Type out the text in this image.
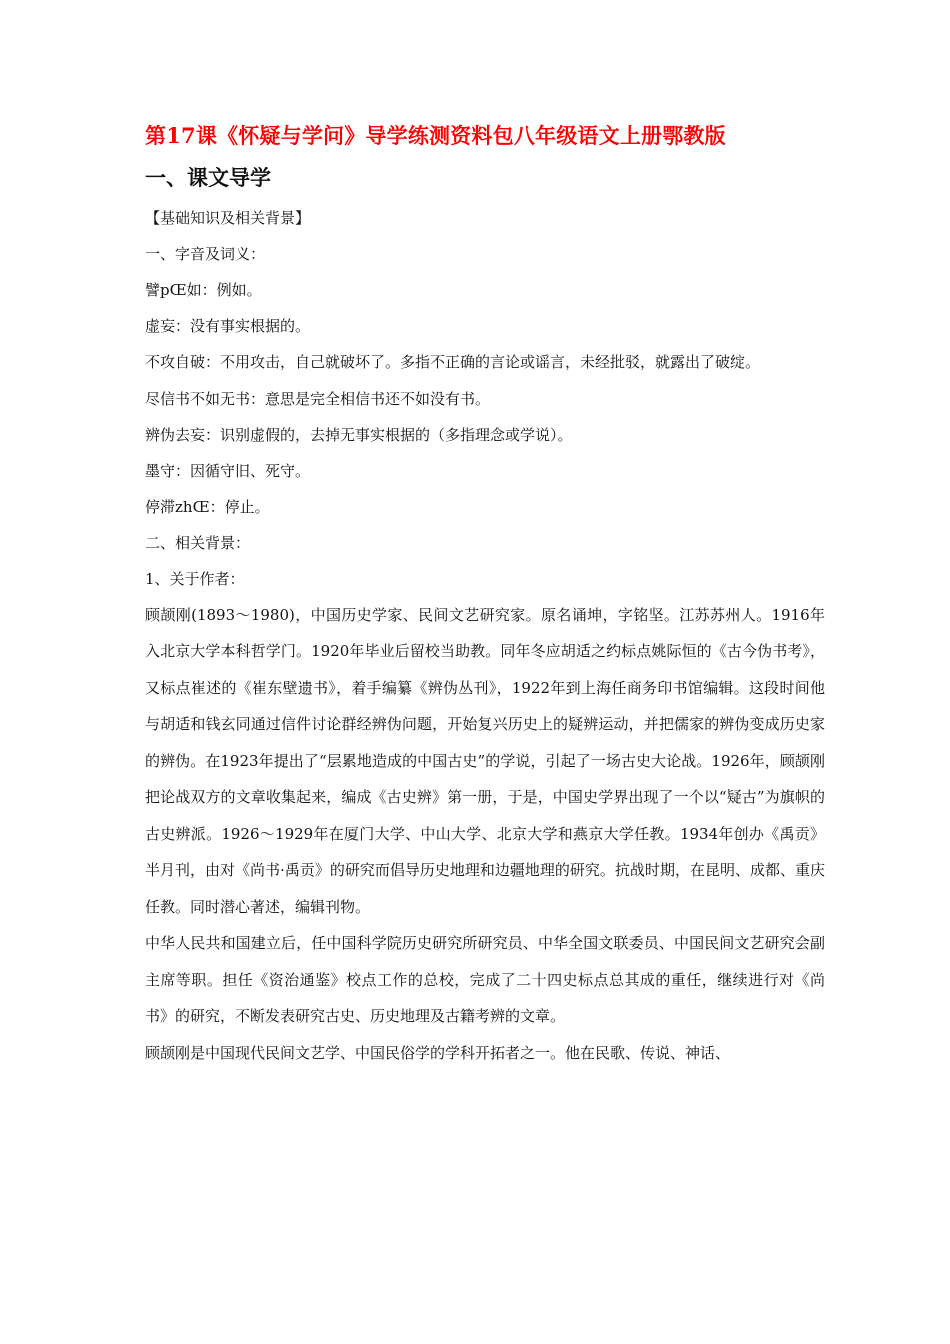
第17课《怀疑与学问》导学练测资料包八年级语文上册鄂教版
一、课文导学

【基础知识及相关背景】

一、字音及词义：

譬pŒ如：例如。

虚妄：没有事实根据的。

不攻自破：不用攻击，自己就破坏了。多指不正确的言论或谣言，未经批驳，就露出了破绽。

尽信书不如无书：意思是完全相信书还不如没有书。

辨伪去妄：识别虚假的，去掉无事实根据的（多指理念或学说）。

墨守：因循守旧、死守。

停滞zhŒ：停止。

二、相关背景：

1、关于作者：

顾颉刚(1893～1980)，中国历史学家、民间文艺研究家。原名诵坤，字铭坚。江苏苏州人。1916年入北京大学本科哲学门。1920年毕业后留校当助教。同年冬应胡适之约标点姚际恒的《古今伪书考》，又标点崔述的《崔东壁遗书》，着手编纂《辨伪丛刊》，1922年到上海任商务印书馆编辑。这段时间他与胡适和钱玄同通过信件讨论群经辨伪问题，开始复兴历史上的疑辨运动，并把儒家的辨伪变成历史家的辨伪。在1923年提出了“层累地造成的中国古史”的学说，引起了一场古史大论战。1926年，顾颉刚把论战双方的文章收集起来，编成《古史辨》第一册，于是，中国史学界出现了一个以“疑古”为旗帜的古史辨派。1926～1929年在厦门大学、中山大学、北京大学和燕京大学任教。1934年创办《禹贡》半月刊，由对《尚书·禹贡》的研究而倡导历史地理和边疆地理的研究。抗战时期，在昆明、成都、重庆任教。同时潜心著述，编辑刊物。

中华人民共和国建立后，任中国科学院历史研究所研究员、中华全国文联委员、中国民间文艺研究会副主席等职。担任《资治通鉴》校点工作的总校，完成了二十四史标点总其成的重任，继续进行对《尚书》的研究，不断发表研究古史、历史地理及古籍考辨的文章。

顾颉刚是中国现代民间文艺学、中国民俗学的学科开拓者之一。他在民歌、传说、神话、
